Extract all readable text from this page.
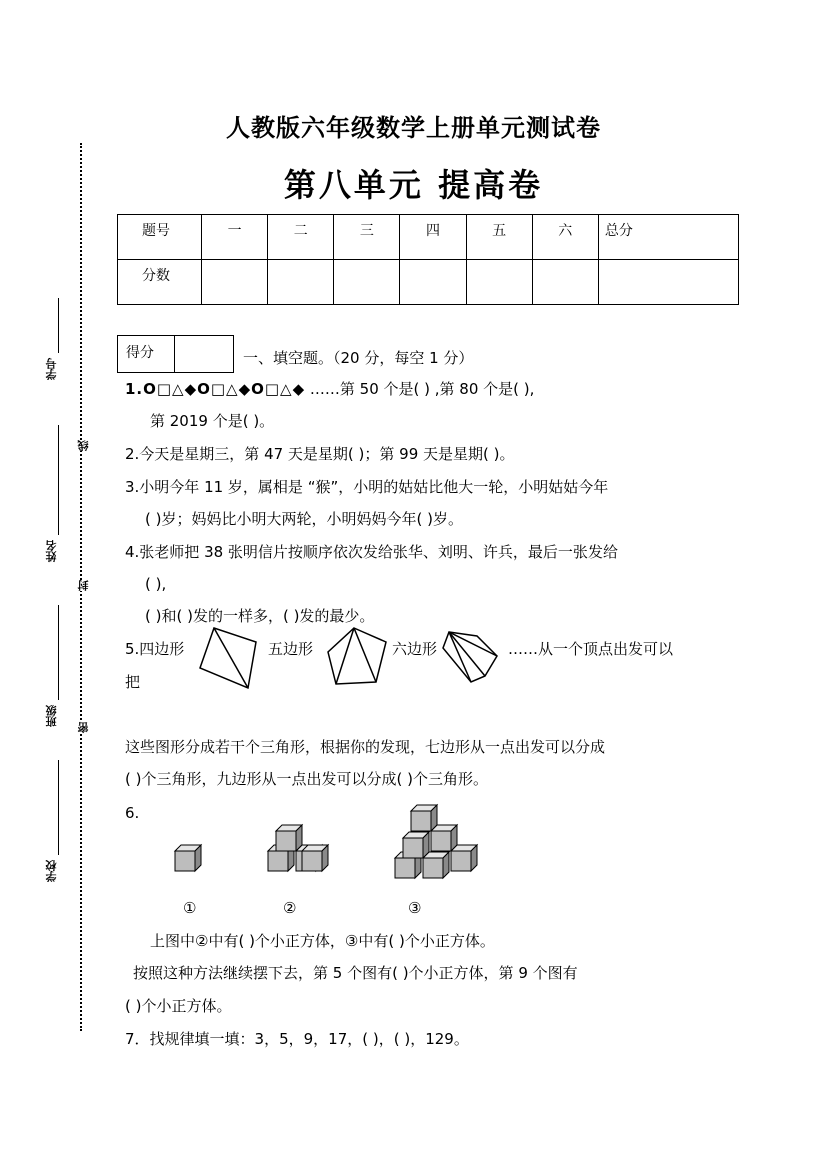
学号
姓名
班级
学校
线
封
密
人教版六年级数学上册单元测试卷
第八单元 提高卷
题号	一	二	三	四	五	六	总分
分数							
得分	一、填空题。（20 分，每空 1 分）
1.O□△◆O□△◆O□△◆ ……第 50 个是( ) ,第 80 个是( ),
第 2019 个是( )。
2.今天是星期三，第 47 天是星期( )；第 99 天是星期( )。
3.小明今年 11 岁，属相是 “猴”，小明的姑姑比他大一轮，小明姑姑今年
( )岁；妈妈比小明大两轮，小明妈妈今年( )岁。
4.张老师把 38 张明信片按顺序依次发给张华、刘明、许兵，最后一张发给
( ),
( )和( )发的一样多，( )发的最少。
5.四边形	五边形	六边形	……从一个顶点出发可以
把
这些图形分成若干个三角形，根据你的发现，七边形从一点出发可以分成
( )个三角形，九边形从一点出发可以分成( )个三角形。
6.
①	②	③
上图中②中有( )个小正方体，③中有( )个小正方体。
按照这种方法继续摆下去，第 5 个图有( )个小正方体，第 9 个图有
( )个小正方体。
7．找规律填一填：3，5，9，17，( )，( )，129。
